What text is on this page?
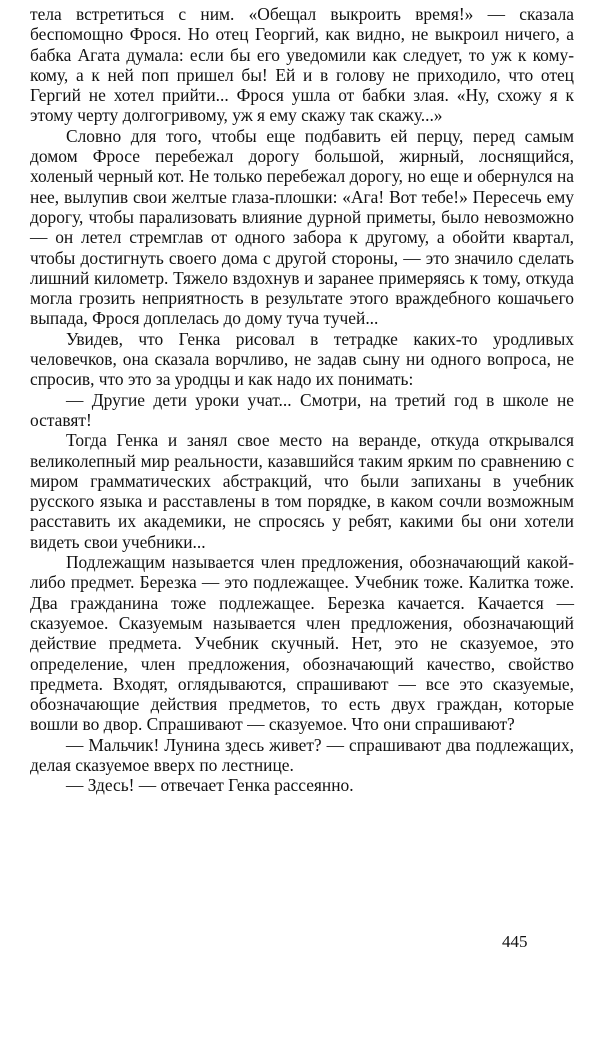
тела встретиться с ним. «Обещал выкроить время!» — сказала беспомощно Фрося. Но отец Георгий, как видно, не выкроил ничего, а бабка Агата думала: если бы его уведомили как следует, то уж к кому-кому, а к ней поп пришел бы! Ей и в голову не приходило, что отец Гергий не хотел прийти... Фрося ушла от бабки злая. «Ну, схожу я к этому черту долгогривому, уж я ему скажу так скажу...»

Словно для того, чтобы еще подбавить ей перцу, перед самым домом Фросе перебежал дорогу большой, жирный, лоснящийся, холеный черный кот. Не только перебежал дорогу, но еще и обернулся на нее, вылупив свои желтые глаза-плошки: «Ага! Вот тебе!» Пересечь ему дорогу, чтобы парализовать влияние дурной приметы, было невозможно — он летел стремглав от одного забора к другому, а обойти квартал, чтобы достигнуть своего дома с другой стороны, — это значило сделать лишний километр. Тяжело вздохнув и заранее примеряясь к тому, откуда могла грозить неприятность в результате этого враждебного кошачьего выпада, Фрося доплелась до дому туча тучей...

Увидев, что Генка рисовал в тетрадке каких-то уродливых человечков, она сказала ворчливо, не задав сыну ни одного вопроса, не спросив, что это за уродцы и как надо их понимать:

— Другие дети уроки учат... Смотри, на третий год в школе не оставят!

Тогда Генка и занял свое место на веранде, откуда открывался великолепный мир реальности, казавшийся таким ярким по сравнению с миром грамматических абстракций, что были запиханы в учебник русского языка и расставлены в том порядке, в каком сочли возможным расставить их академики, не спросясь у ребят, какими бы они хотели видеть свои учебники...

Подлежащим называется член предложения, обозначающий какой-либо предмет. Березка — это подлежащее. Учебник тоже. Калитка тоже. Два гражданина тоже подлежащее. Березка качается. Качается — сказуемое. Сказуемым называется член предложения, обозначающий действие предмета. Учебник скучный. Нет, это не сказуемое, это определение, член предложения, обозначающий качество, свойство предмета. Входят, оглядываются, спрашивают — все это сказуемые, обозначающие действия предметов, то есть двух граждан, которые вошли во двор. Спрашивают — сказуемое. Что они спрашивают?

— Мальчик! Лунина здесь живет? — спрашивают два подлежащих, делая сказуемое вверх по лестнице.

— Здесь! — отвечает Генка рассеянно.

445
